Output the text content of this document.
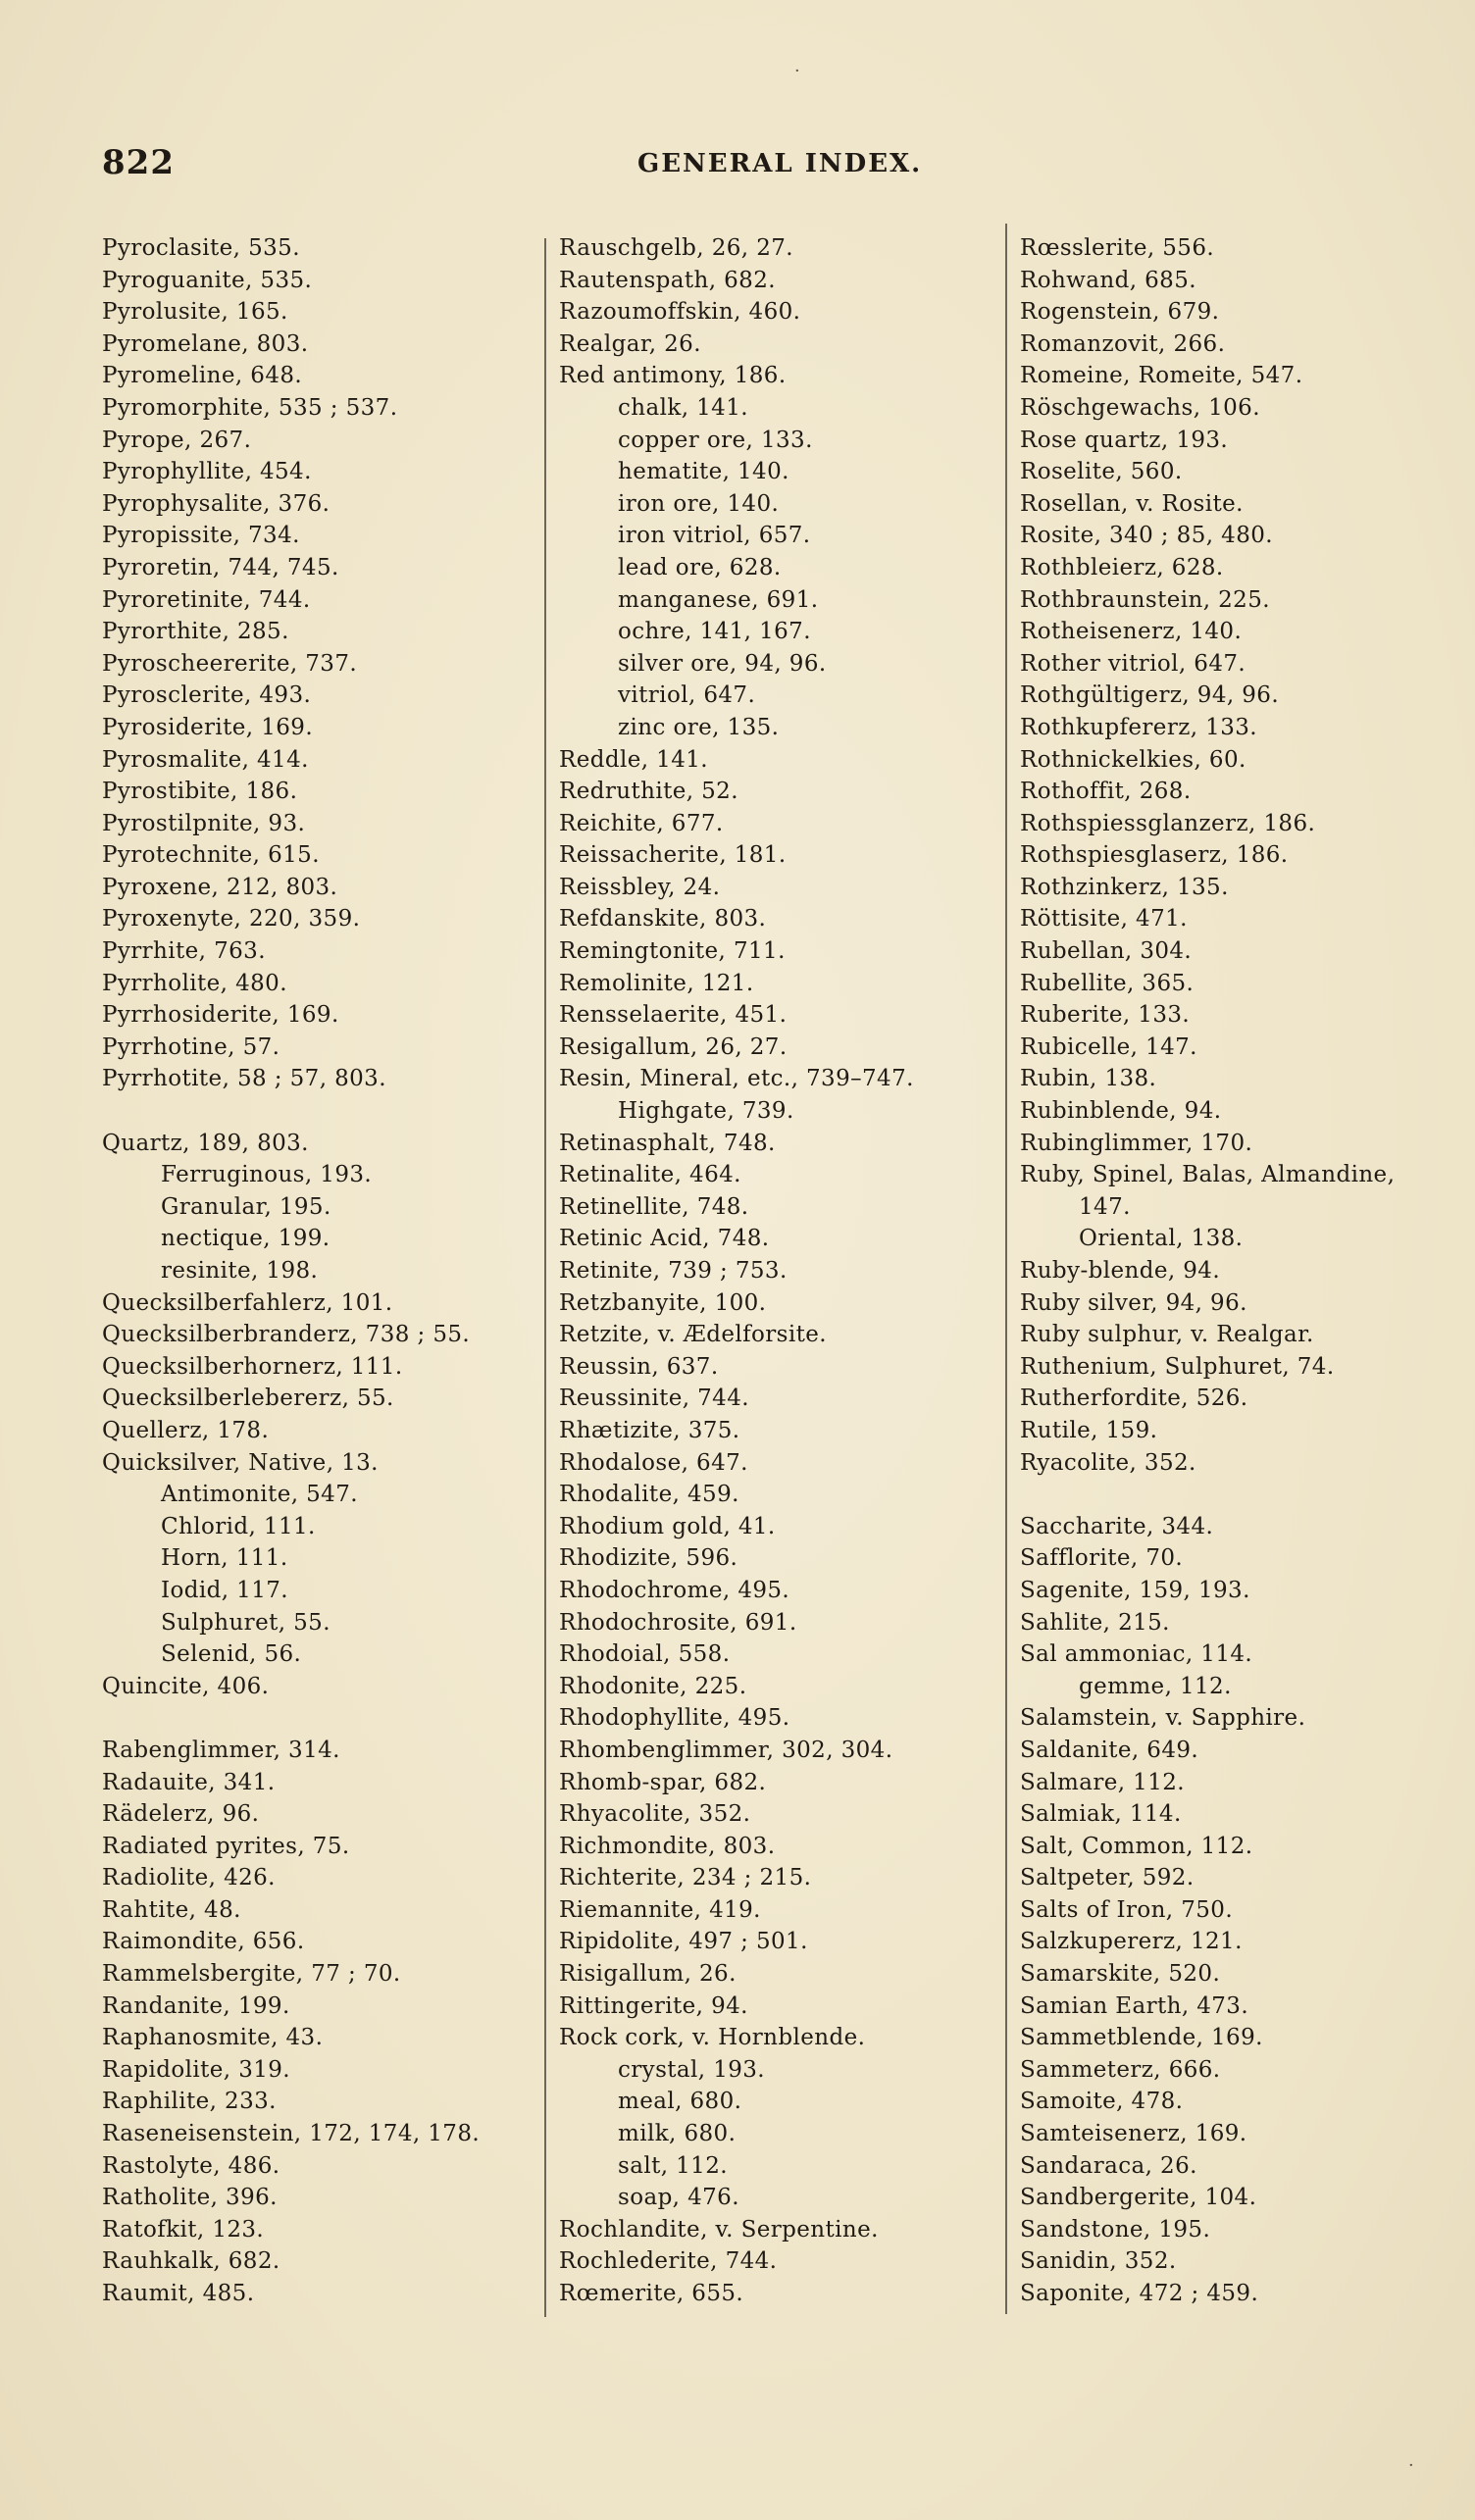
822	GENERAL INDEX.
Pyroclasite, 535.
Pyroguanite, 535.
Pyrolusite, 165.
Pyromelane, 803.
Pyromeline, 648.
Pyromorphite, 535 ; 537.
Pyrope, 267.
Pyrophyllite, 454.
Pyrophysalite, 376.
Pyropissite, 734.
Pyroretin, 744, 745.
Pyroretinite, 744.
Pyrorthite, 285.
Pyroscheererite, 737.
Pyrosclerite, 493.
Pyrosiderite, 169.
Pyrosmalite, 414.
Pyrostibite, 186.
Pyrostilpnite, 93.
Pyrotechnite, 615.
Pyroxene, 212, 803.
Pyroxenyte, 220, 359.
Pyrrhite, 763.
Pyrrholite, 480.
Pyrrhosiderite, 169.
Pyrrhotine, 57.
Pyrrhotite, 58 ; 57, 803.
Quartz, 189, 803.
Ferruginous, 193.
Granular, 195.
nectique, 199.
resinite, 198.
Quecksilberfahlerz, 101.
Quecksilberbranderz, 738 ; 55.
Quecksilberhornerz, 111.
Quecksilberlebererz, 55.
Quellerz, 178.
Quicksilver, Native, 13.
Antimonite, 547.
Chlorid, 111.
Horn, 111.
Iodid, 117.
Sulphuret, 55.
Selenid, 56.
Quincite, 406.
Rabenglimmer, 314.
Radauite, 341.
Rädelerz, 96.
Radiated pyrites, 75.
Radiolite, 426.
Rahtite, 48.
Raimondite, 656.
Rammelsbergite, 77 ; 70.
Randanite, 199.
Raphanosmite, 43.
Rapidolite, 319.
Raphilite, 233.
Raseneisenstein, 172, 174, 178.
Rastolyte, 486.
Ratholite, 396.
Ratofkit, 123.
Rauhkalk, 682.
Raumit, 485.
Rauschgelb, 26, 27.
Rautenspath, 682.
Razoumoffskin, 460.
Realgar, 26.
Red antimony, 186.
chalk, 141.
copper ore, 133.
hematite, 140.
iron ore, 140.
iron vitriol, 657.
lead ore, 628.
manganese, 691.
ochre, 141, 167.
silver ore, 94, 96.
vitriol, 647.
zinc ore, 135.
Reddle, 141.
Redruthite, 52.
Reichite, 677.
Reissacherite, 181.
Reissbley, 24.
Refdanskite, 803.
Remingtonite, 711.
Remolinite, 121.
Rensselaerite, 451.
Resigallum, 26, 27.
Resin, Mineral, etc., 739–747.
Highgate, 739.
Retinasphalt, 748.
Retinalite, 464.
Retinellite, 748.
Retinic Acid, 748.
Retinite, 739 ; 753.
Retzbanyite, 100.
Retzite, v. Ædelforsite.
Reussin, 637.
Reussinite, 744.
Rhætizite, 375.
Rhodalose, 647.
Rhodalite, 459.
Rhodium gold, 41.
Rhodizite, 596.
Rhodochrome, 495.
Rhodochrosite, 691.
Rhodoial, 558.
Rhodonite, 225.
Rhodophyllite, 495.
Rhombenglimmer, 302, 304.
Rhomb-spar, 682.
Rhyacolite, 352.
Richmondite, 803.
Richterite, 234 ; 215.
Riemannite, 419.
Ripidolite, 497 ; 501.
Risigallum, 26.
Rittingerite, 94.
Rock cork, v. Hornblende.
crystal, 193.
meal, 680.
milk, 680.
salt, 112.
soap, 476.
Rochlandite, v. Serpentine.
Rochlederite, 744.
Rœmerite, 655.
Rœsslerite, 556.
Rohwand, 685.
Rogenstein, 679.
Romanzovit, 266.
Romeine, Romeite, 547.
Röschgewachs, 106.
Rose quartz, 193.
Roselite, 560.
Rosellan, v. Rosite.
Rosite, 340 ; 85, 480.
Rothbleierz, 628.
Rothbraunstein, 225.
Rotheisenerz, 140.
Rother vitriol, 647.
Rothgültigerz, 94, 96.
Rothkupfererz, 133.
Rothnickelkies, 60.
Rothoffit, 268.
Rothspiessglanzerz, 186.
Rothspiesglaserz, 186.
Rothzinkerz, 135.
Röttisite, 471.
Rubellan, 304.
Rubellite, 365.
Ruberite, 133.
Rubicelle, 147.
Rubin, 138.
Rubinblende, 94.
Rubinglimmer, 170.
Ruby, Spinel, Balas, Almandine,
147.
Oriental, 138.
Ruby-blende, 94.
Ruby silver, 94, 96.
Ruby sulphur, v. Realgar.
Ruthenium, Sulphuret, 74.
Rutherfordite, 526.
Rutile, 159.
Ryacolite, 352.
Saccharite, 344.
Safflorite, 70.
Sagenite, 159, 193.
Sahlite, 215.
Sal ammoniac, 114.
gemme, 112.
Salamstein, v. Sapphire.
Saldanite, 649.
Salmare, 112.
Salmiak, 114.
Salt, Common, 112.
Saltpeter, 592.
Salts of Iron, 750.
Salzkupererz, 121.
Samarskite, 520.
Samian Earth, 473.
Sammetblende, 169.
Sammeterz, 666.
Samoite, 478.
Samteisenerz, 169.
Sandaraca, 26.
Sandbergerite, 104.
Sandstone, 195.
Sanidin, 352.
Saponite, 472 ; 459.
·
·
